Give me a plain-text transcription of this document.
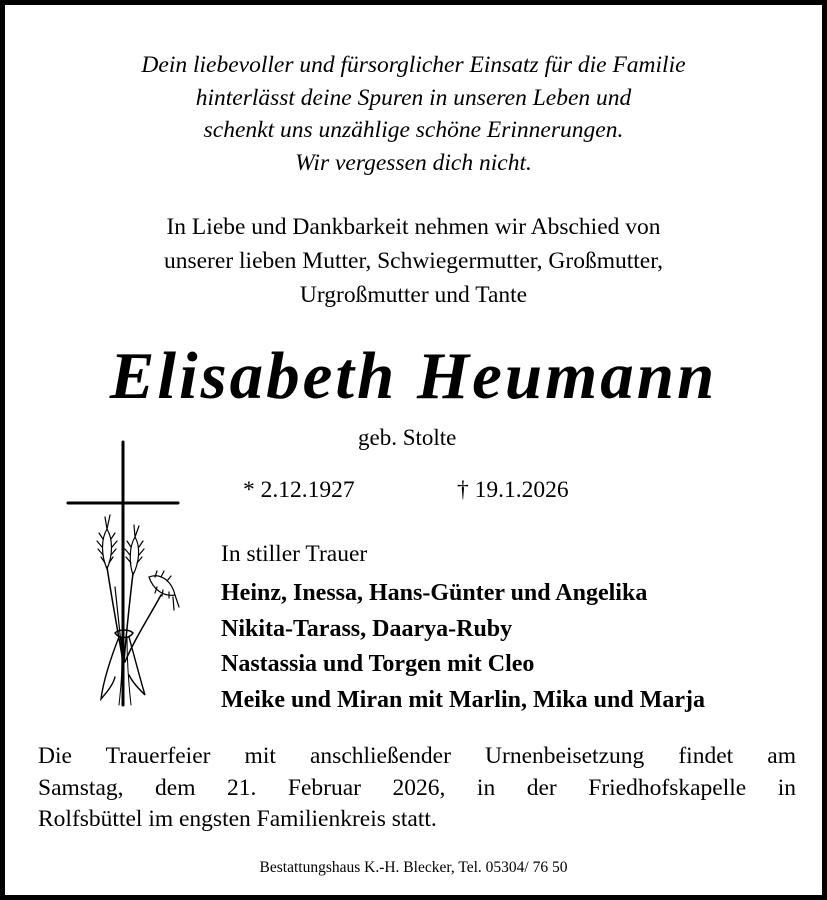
Dein liebevoller und fürsorglicher Einsatz für die Familie
hinterlässt deine Spuren in unseren Leben und
schenkt uns unzählige schöne Erinnerungen.
Wir vergessen dich nicht.
In Liebe und Dankbarkeit nehmen wir Abschied von
unserer lieben Mutter, Schwiegermutter, Großmutter,
Urgroßmutter und Tante
Elisabeth Heumann
geb. Stolte
* 2.12.1927	† 19.1.2026
In stiller Trauer
Heinz, Inessa, Hans-Günter und Angelika
Nikita-Tarass, Daarya-Ruby
Nastassia und Torgen mit Cleo
Meike und Miran mit Marlin, Mika und Marja
Die Trauerfeier mit anschließender Urnenbeisetzung findet am
Samstag, dem 21. Februar 2026, in der Friedhofskapelle in
Rolfsbüttel im engsten Familienkreis statt.
Bestattungshaus K.-H. Blecker, Tel. 05304/ 76 50
